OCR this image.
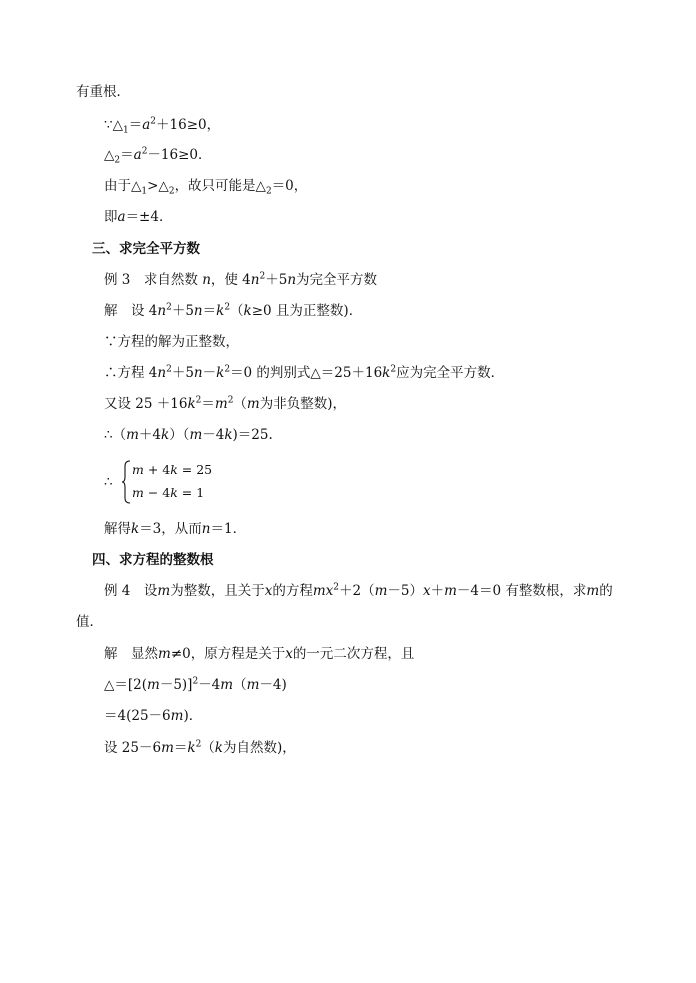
有重根．
$\because\triangle_1=a^2+16\ge 0$，
$\triangle_2=a^2-16\ge 0$．
由于$\triangle_1>\triangle_2$，故只可能是$\triangle_2=0$，
即a＝±4．
三、求完全平方数
例 3　求自然数 n，使 $4n^2+5n$为完全平方数
解　设 $4n^2+5n=k^2(k\ge 0$ 且为正整数)．
∵方程的解为正整数，
∴方程 $4n^2+5n-k^2=0$ 的判别式$\triangle=25+16k^2$应为完全平方数．
又设 $25 +16k^2=m^2(m$为非负整数)，
∴（m＋4k）（m－4k)＝25.
∴
m + 4k = 25
m − 4k = 1
解得k＝3，从而n＝1．
四、求方程的整数根
例 4　设m为整数，且关于x的方程$mx^2+2(m-5)x+m-4=0$ 有整数根，求m的
值．
解　显然m≠0，原方程是关于x的一元二次方程，且
$\triangle=[2(m-5)]^2-4m(m-4)$
＝4(25－6m)．
设 $25-6m=k^2(k$为自然数)，
